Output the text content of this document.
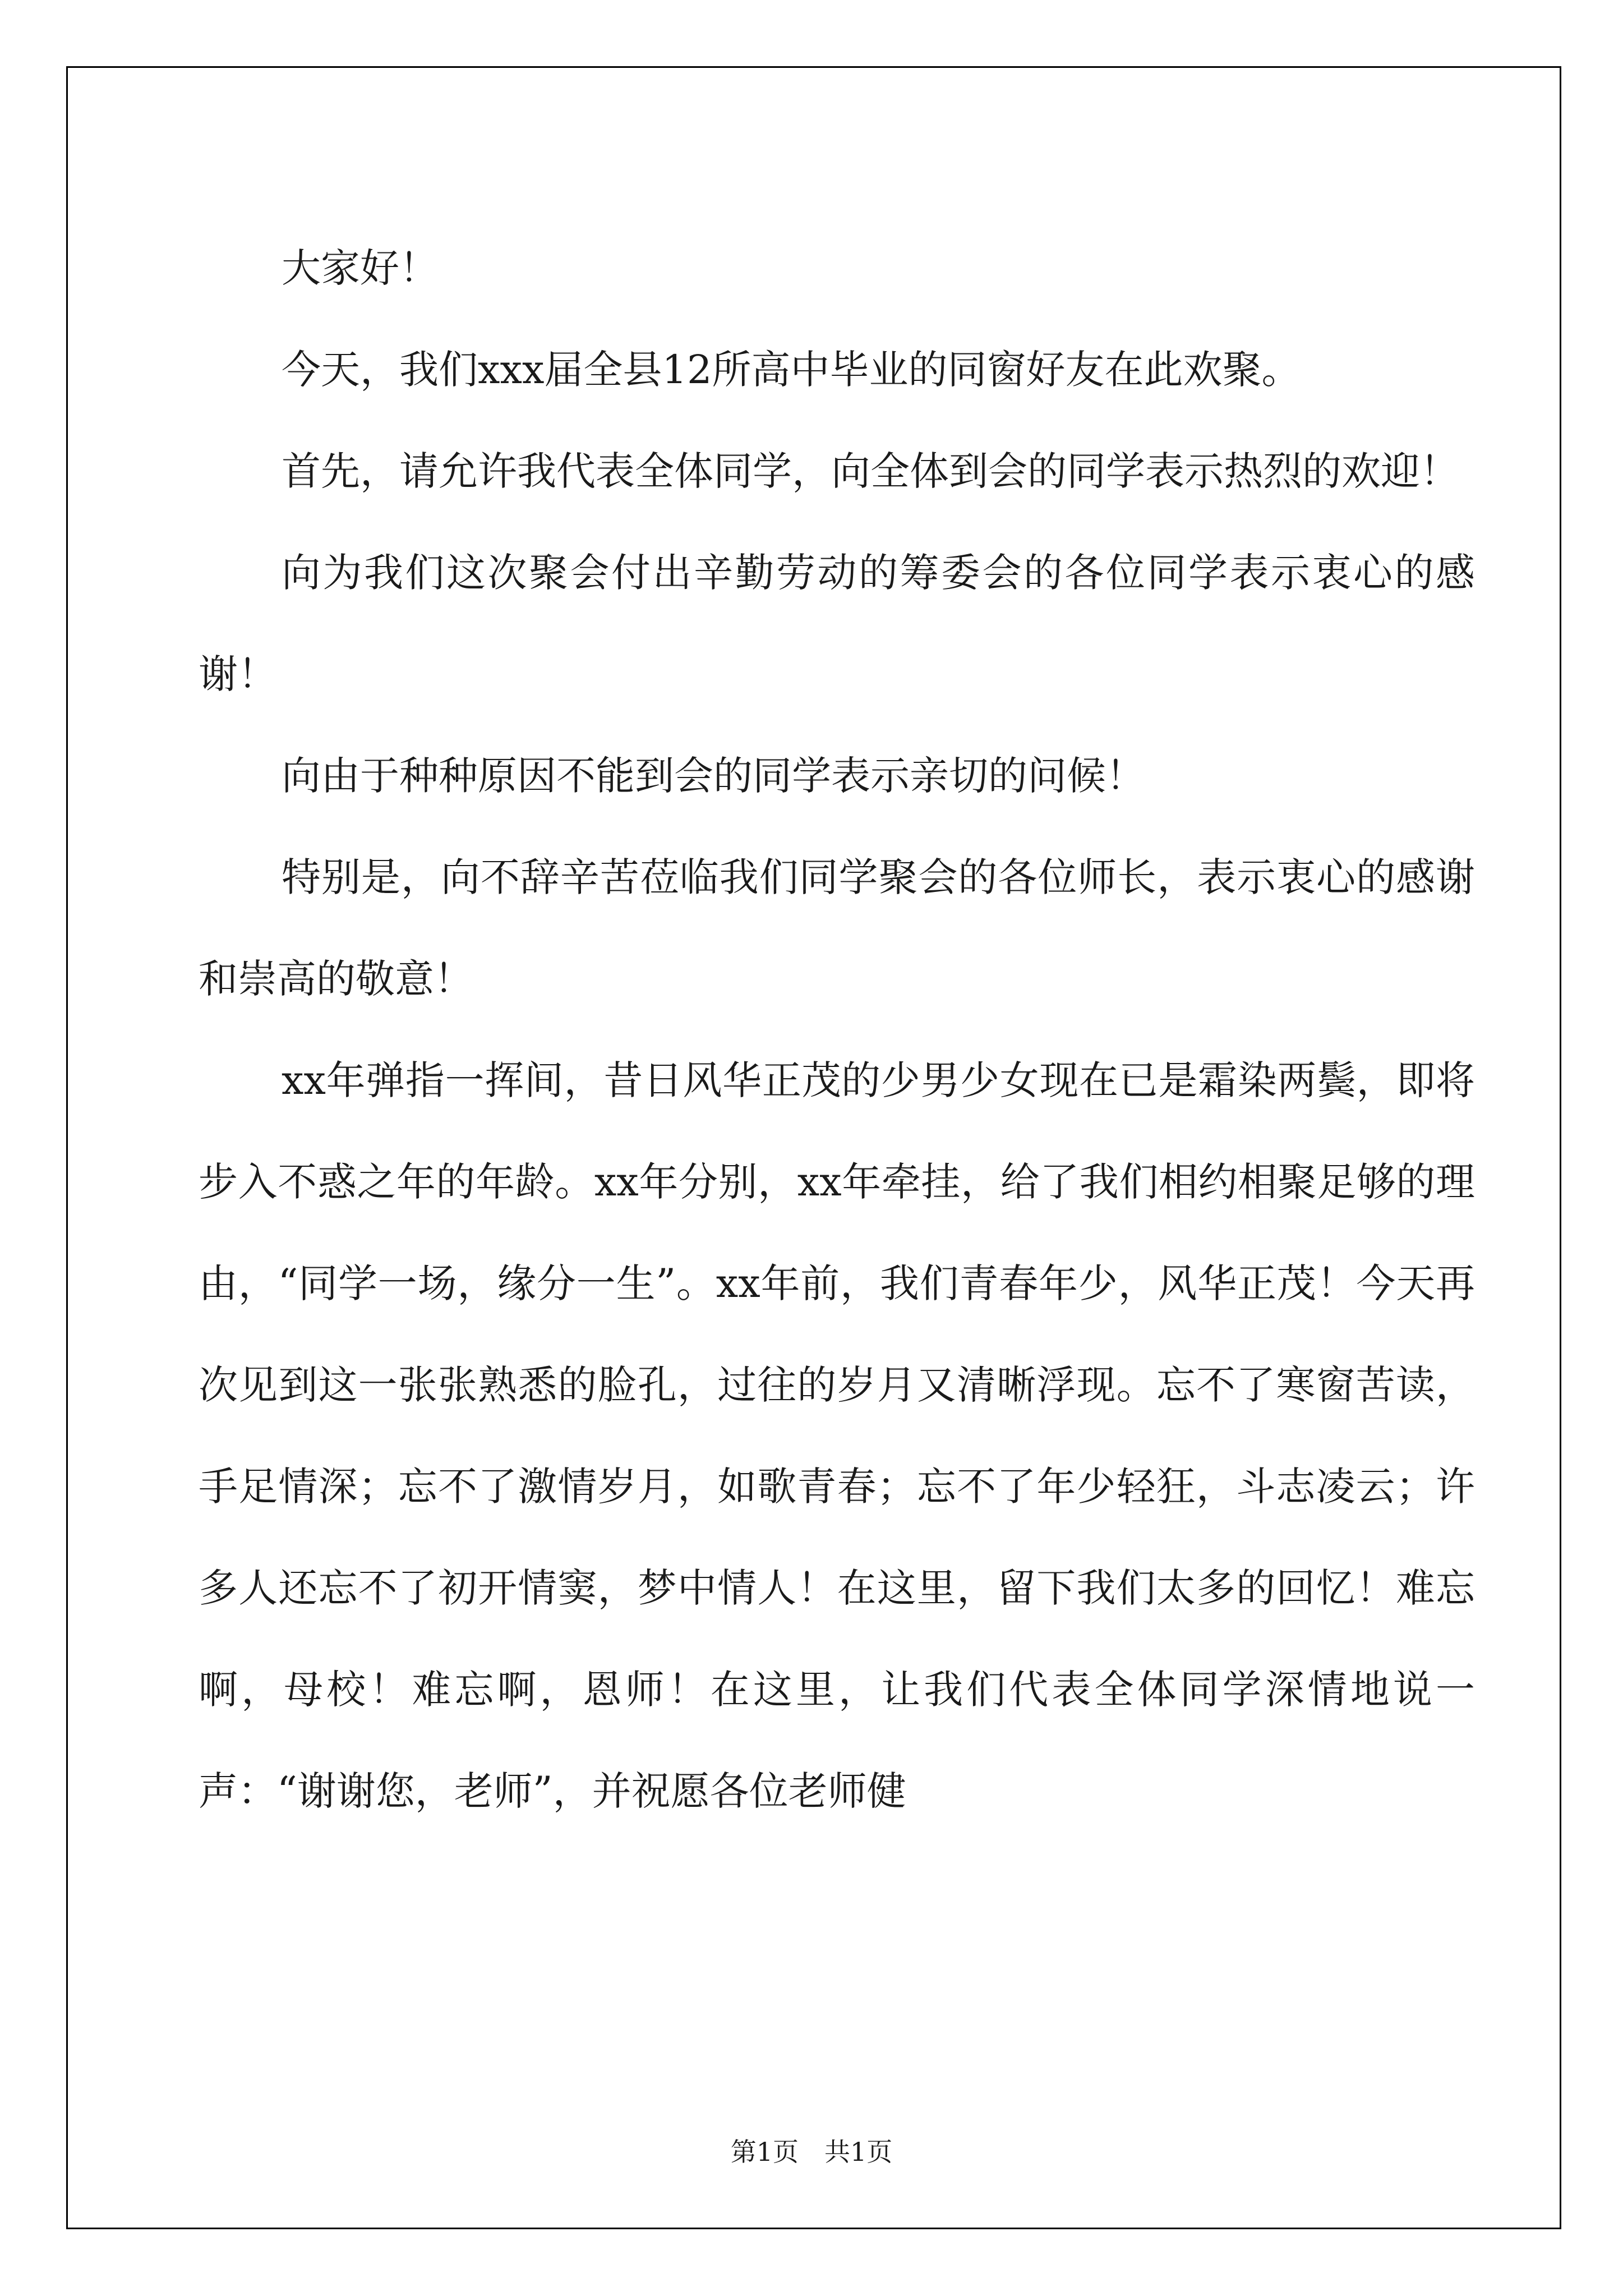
大家好！

今天，我们xxx届全县12所高中毕业的同窗好友在此欢聚。

首先，请允许我代表全体同学，向全体到会的同学表示热烈的欢迎！

向为我们这次聚会付出辛勤劳动的筹委会的各位同学表示衷心的感谢！

向由于种种原因不能到会的同学表示亲切的问候！

特别是，向不辞辛苦莅临我们同学聚会的各位师长，表示衷心的感谢和崇高的敬意！

xx年弹指一挥间，昔日风华正茂的少男少女现在已是霜染两鬓，即将步入不惑之年的年龄。xx年分别，xx年牵挂，给了我们相约相聚足够的理由，“同学一场，缘分一生”。xx年前，我们青春年少，风华正茂！今天再次见到这一张张熟悉的脸孔，过往的岁月又清晰浮现。忘不了寒窗苦读，手足情深；忘不了激情岁月，如歌青春；忘不了年少轻狂，斗志凌云；许多人还忘不了初开情窦，梦中情人！在这里，留下我们太多的回忆！难忘啊，母校！难忘啊，恩师！在这里，让我们代表全体同学深情地说一声：“谢谢您，老师”，并祝愿各位老师健

第1页　共1页
